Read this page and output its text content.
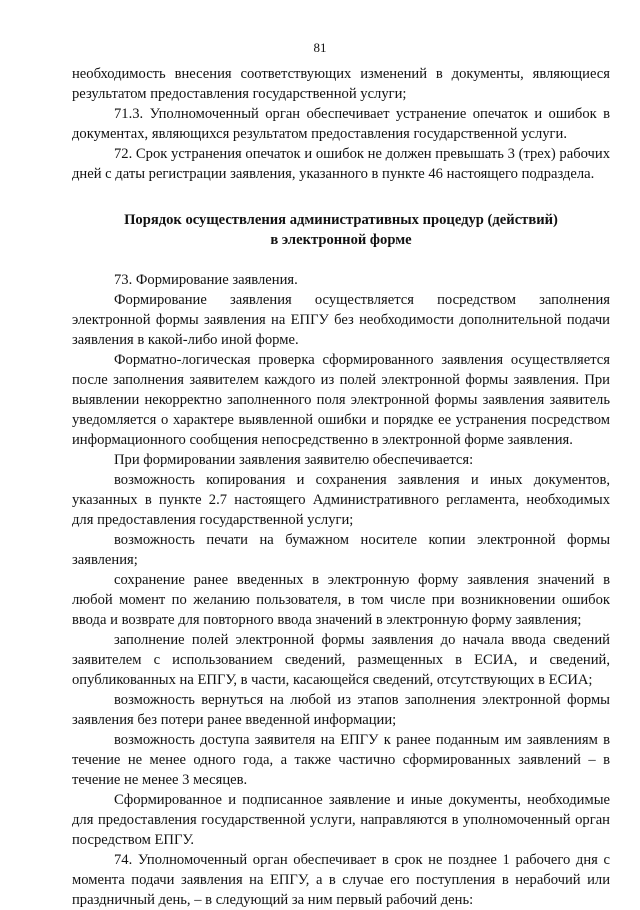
81

необходимость внесения соответствующих изменений в документы, являющиеся результатом предоставления государственной услуги;

71.3. Уполномоченный орган обеспечивает устранение опечаток и ошибок в документах, являющихся результатом предоставления государственной услуги.

72. Срок устранения опечаток и ошибок не должен превышать 3 (трех) рабочих дней с даты регистрации заявления, указанного в пункте 46 настоящего подраздела.

Порядок осуществления административных процедур (действий)
в электронной форме

73. Формирование заявления.

Формирование заявления осуществляется посредством заполнения электронной формы заявления на ЕПГУ без необходимости дополнительной подачи заявления в какой-либо иной форме.

Форматно-логическая проверка сформированного заявления осуществляется после заполнения заявителем каждого из полей электронной формы заявления. При выявлении некорректно заполненного поля электронной формы заявления заявитель уведомляется о характере выявленной ошибки и порядке ее устранения посредством информационного сообщения непосредственно в электронной форме заявления.

При формировании заявления заявителю обеспечивается:

возможность копирования и сохранения заявления и иных документов, указанных в пункте 2.7 настоящего Административного регламента, необходимых для предоставления государственной услуги;

возможность печати на бумажном носителе копии электронной формы заявления;

сохранение ранее введенных в электронную форму заявления значений в любой момент по желанию пользователя, в том числе при возникновении ошибок ввода и возврате для повторного ввода значений в электронную форму заявления;

заполнение полей электронной формы заявления до начала ввода сведений заявителем с использованием сведений, размещенных в ЕСИА, и сведений, опубликованных на ЕПГУ, в части, касающейся сведений, отсутствующих в ЕСИА;

возможность вернуться на любой из этапов заполнения электронной формы заявления без потери ранее введенной информации;

возможность доступа заявителя на ЕПГУ к ранее поданным им заявлениям в течение не менее одного года, а также частично сформированных заявлений – в течение не менее 3 месяцев.

Сформированное и подписанное заявление и иные документы, необходимые для предоставления государственной услуги, направляются в уполномоченный орган посредством ЕПГУ.

74. Уполномоченный орган обеспечивает в срок не позднее 1 рабочего дня с момента подачи заявления на ЕПГУ, а в случае его поступления в нерабочий или праздничный день, – в следующий за ним первый рабочий день:
